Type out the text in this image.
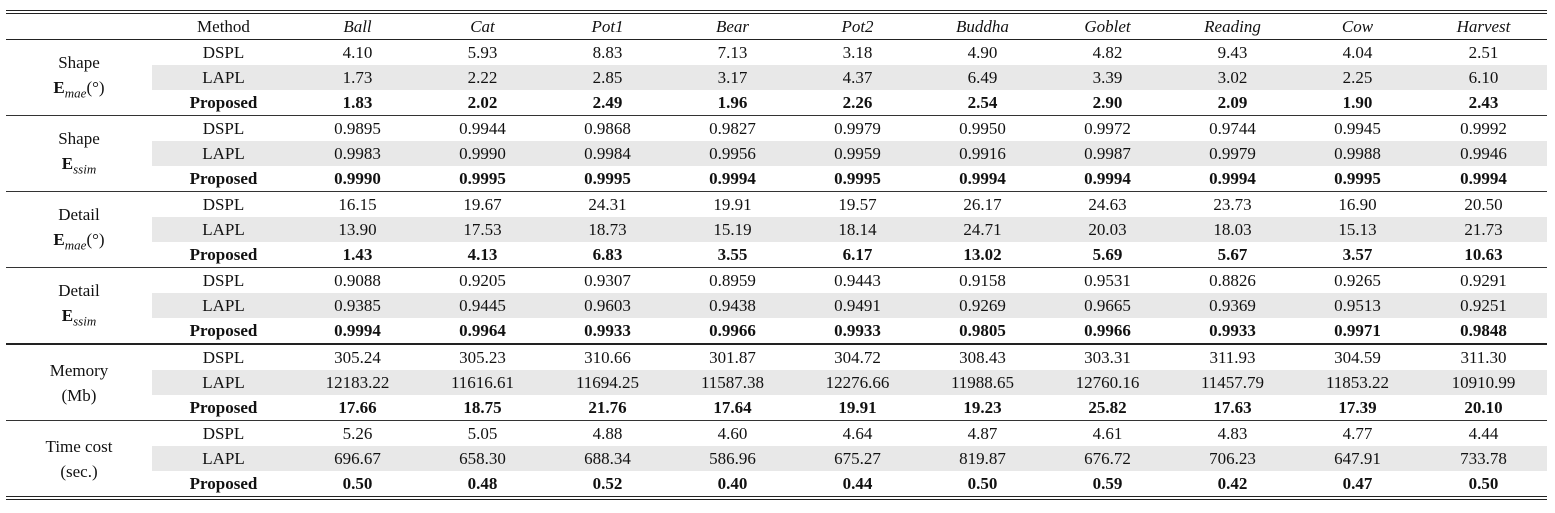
	Method	Ball	Cat	Pot1	Bear	Pot2	Buddha	Goblet	Reading	Cow	Harvest

Shape
$E_{mae}(^\circ)$	DSPL	4.10	5.93	8.83	7.13	3.18	4.90	4.82	9.43	4.04	2.51
	LAPL	1.73	2.22	2.85	3.17	4.37	6.49	3.39	3.02	2.25	6.10
	Proposed	1.83	2.02	2.49	1.96	2.26	2.54	2.90	2.09	1.90	2.43

Shape
$E_{ssim}$	DSPL	0.9895	0.9944	0.9868	0.9827	0.9979	0.9950	0.9972	0.9744	0.9945	0.9992
	LAPL	0.9983	0.9990	0.9984	0.9956	0.9959	0.9916	0.9987	0.9979	0.9988	0.9946
	Proposed	0.9990	0.9995	0.9995	0.9994	0.9995	0.9994	0.9994	0.9994	0.9995	0.9994

Detail
$E_{mae}(^\circ)$	DSPL	16.15	19.67	24.31	19.91	19.57	26.17	24.63	23.73	16.90	20.50
	LAPL	13.90	17.53	18.73	15.19	18.14	24.71	20.03	18.03	15.13	21.73
	Proposed	1.43	4.13	6.83	3.55	6.17	13.02	5.69	5.67	3.57	10.63

Detail
$E_{ssim}$	DSPL	0.9088	0.9205	0.9307	0.8959	0.9443	0.9158	0.9531	0.8826	0.9265	0.9291
	LAPL	0.9385	0.9445	0.9603	0.9438	0.9491	0.9269	0.9665	0.9369	0.9513	0.9251
	Proposed	0.9994	0.9964	0.9933	0.9966	0.9933	0.9805	0.9966	0.9933	0.9971	0.9848

Memory
(Mb)	DSPL	305.24	305.23	310.66	301.87	304.72	308.43	303.31	311.93	304.59	311.30
	LAPL	12183.22	11616.61	11694.25	11587.38	12276.66	11988.65	12760.16	11457.79	11853.22	10910.99
	Proposed	17.66	18.75	21.76	17.64	19.91	19.23	25.82	17.63	17.39	20.10

Time cost
(sec.)	DSPL	5.26	5.05	4.88	4.60	4.64	4.87	4.61	4.83	4.77	4.44
	LAPL	696.67	658.30	688.34	586.96	675.27	819.87	676.72	706.23	647.91	733.78
	Proposed	0.50	0.48	0.52	0.40	0.44	0.50	0.59	0.42	0.47	0.50
